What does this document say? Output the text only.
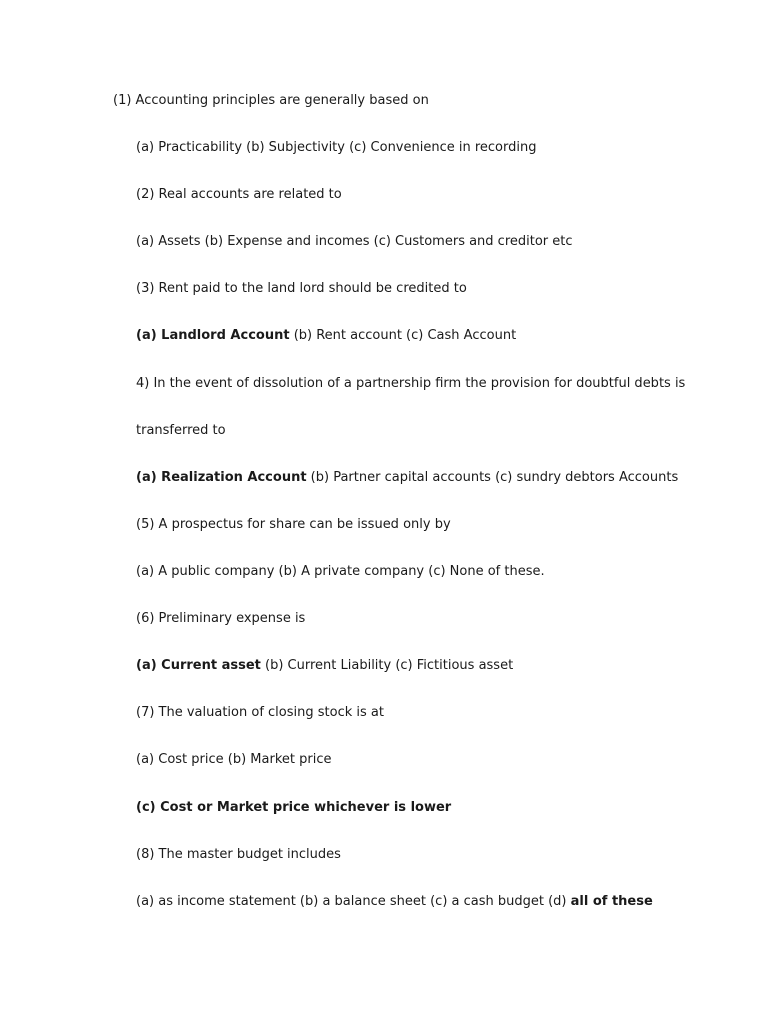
(1) Accounting principles are generally based on
(a) Practicability (b) Subjectivity (c) Convenience in recording
(2) Real accounts are related to
(a) Assets (b) Expense and incomes (c) Customers and creditor etc
(3) Rent paid to the land lord should be credited to
(a) Landlord Account (b) Rent account (c) Cash Account
4) In the event of dissolution of a partnership firm the provision for doubtful debts is
transferred to
(a) Realization Account (b) Partner capital accounts (c) sundry debtors Accounts
(5) A prospectus for share can be issued only by
(a) A public company (b) A private company (c) None of these.
(6) Preliminary expense is
(a) Current asset (b) Current Liability (c) Fictitious asset
(7) The valuation of closing stock is at
(a) Cost price (b) Market price
(c) Cost or Market price whichever is lower
(8) The master budget includes
(a) as income statement (b) a balance sheet (c) a cash budget (d) all of these
